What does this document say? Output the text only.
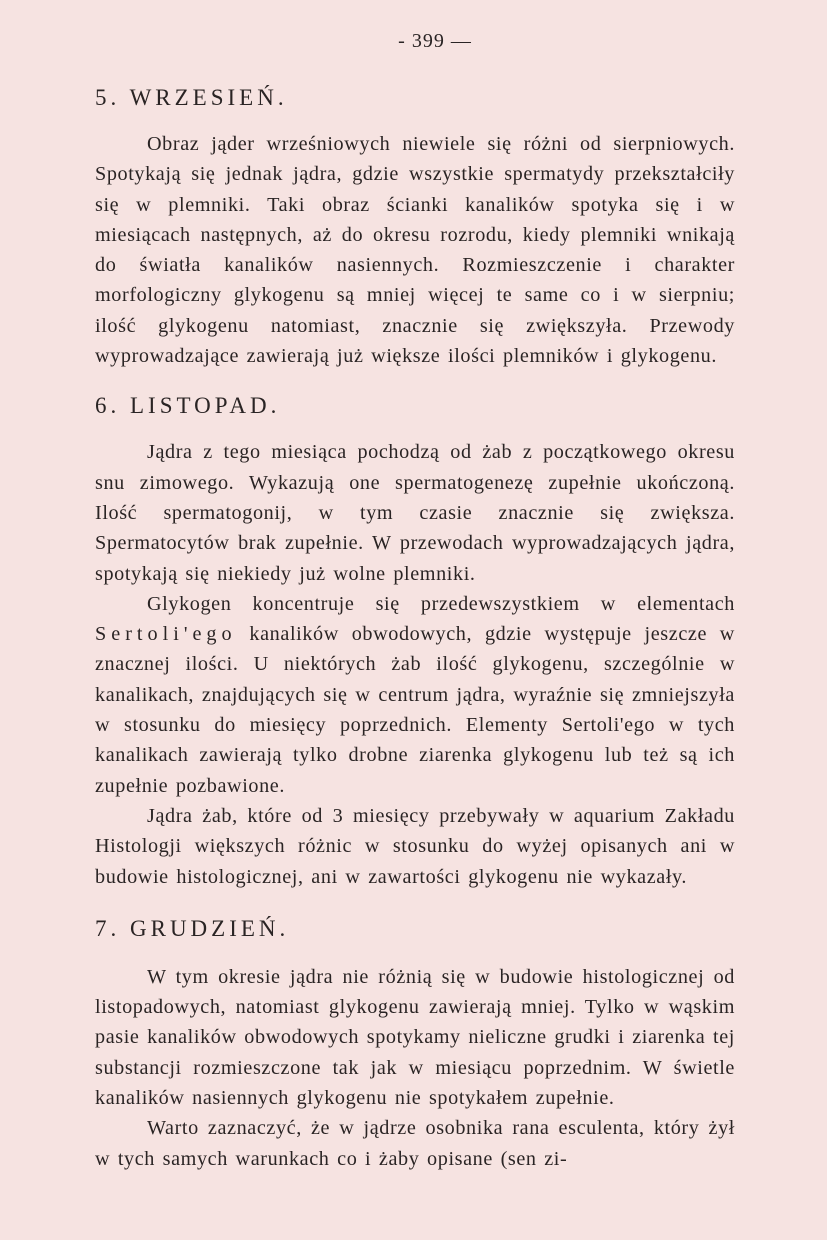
- 399 —
5. WRZESIEŃ.

Obraz jąder wrześniowych niewiele się różni od sierpniowych. Spotykają się jednak jądra, gdzie wszystkie spermatydy przekształciły się w plemniki. Taki obraz ścianki kanalików spotyka się i w miesiącach następnych, aż do okresu rozrodu, kiedy plemniki wnikają do światła kanalików nasiennych. Rozmieszczenie i charakter morfologiczny glykogenu są mniej więcej te same co i w sierpniu; ilość glykogenu natomiast, znacznie się zwiększyła. Przewody wyprowadzające zawierają już większe ilości plemników i glykogenu.

6. LISTOPAD.

Jądra z tego miesiąca pochodzą od żab z początkowego okresu snu zimowego. Wykazują one spermatogenezę zupełnie ukończoną. Ilość spermatogonij, w tym czasie znacznie się zwiększa. Spermatocytów brak zupełnie. W przewodach wyprowadzających jądra, spotykają się niekiedy już wolne plemniki.

Glykogen koncentruje się przedewszystkiem w elementach Sertoli'ego kanalików obwodowych, gdzie występuje jeszcze w znacznej ilości. U niektórych żab ilość glykogenu, szczególnie w kanalikach, znajdujących się w centrum jądra, wyraźnie się zmniejszyła w stosunku do miesięcy poprzednich. Elementy Sertoli'ego w tych kanalikach zawierają tylko drobne ziarenka glykogenu lub też są ich zupełnie pozbawione.

Jądra żab, które od 3 miesięcy przebywały w aquarium Zakładu Histologji większych różnic w stosunku do wyżej opisanych ani w budowie histologicznej, ani w zawartości glykogenu nie wykazały.

7. GRUDZIEŃ.

W tym okresie jądra nie różnią się w budowie histologicznej od listopadowych, natomiast glykogenu zawierają mniej. Tylko w wąskim pasie kanalików obwodowych spotykamy nieliczne grudki i ziarenka tej substancji rozmieszczone tak jak w miesiącu poprzednim. W świetle kanalików nasiennych glykogenu nie spotykałem zupełnie.

Warto zaznaczyć, że w jądrze osobnika rana esculenta, który żył w tych samych warunkach co i żaby opisane (sen zi-
